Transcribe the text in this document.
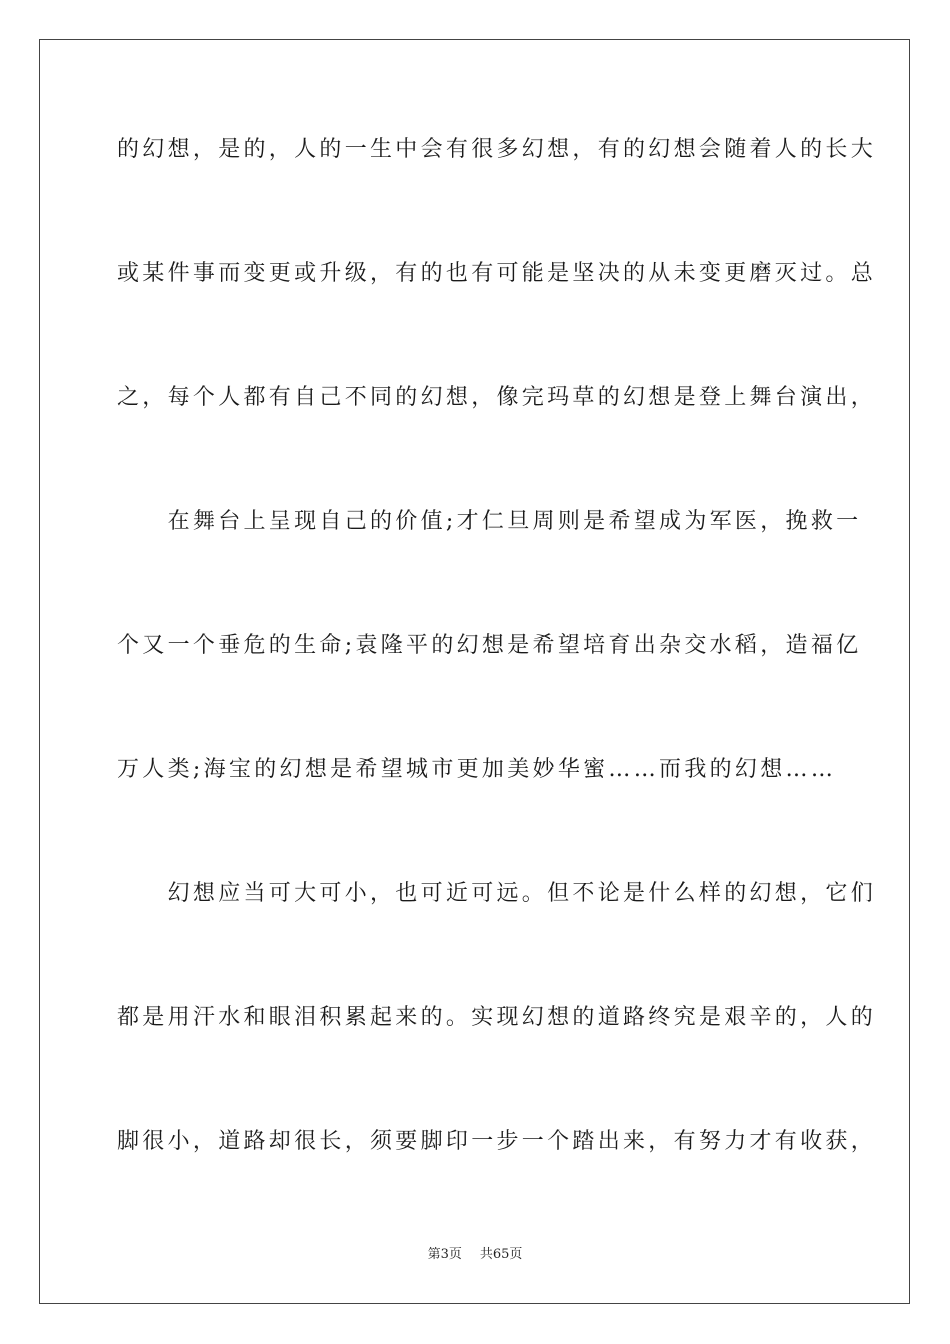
的幻想，是的，人的一生中会有很多幻想，有的幻想会随着人的长大
或某件事而变更或升级，有的也有可能是坚决的从未变更磨灭过。总
之，每个人都有自己不同的幻想，像完玛草的幻想是登上舞台演出，
　　在舞台上呈现自己的价值;才仁旦周则是希望成为军医，挽救一
个又一个垂危的生命;袁隆平的幻想是希望培育出杂交水稻，造福亿
万人类;海宝的幻想是希望城市更加美妙华蜜……而我的幻想……
　　幻想应当可大可小，也可近可远。但不论是什么样的幻想，它们
都是用汗水和眼泪积累起来的。实现幻想的道路终究是艰辛的，人的
脚很小，道路却很长，须要脚印一步一个踏出来，有努力才有收获，
第3页 共65页
